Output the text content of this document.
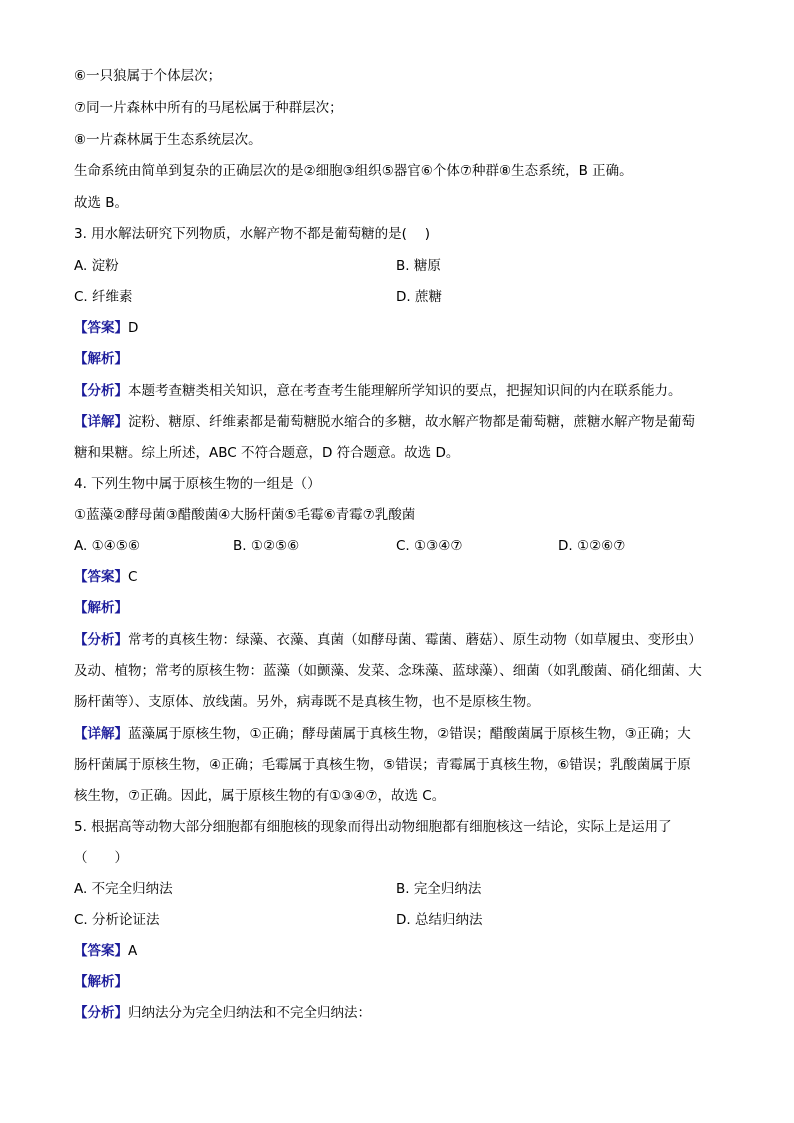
⑥一只狼属于个体层次；
⑦同一片森林中所有的马尾松属于种群层次；
⑧一片森林属于生态系统层次。
生命系统由简单到复杂的正确层次的是②细胞③组织⑤器官⑥个体⑦种群⑧生态系统，B 正确。
故选 B。
3. 用水解法研究下列物质，水解产物不都是葡萄糖的是(　 )
A. 淀粉	B. 糖原
C. 纤维素	D. 蔗糖
【答案】D
【解析】
【分析】本题考查糖类相关知识，意在考查考生能理解所学知识的要点，把握知识间的内在联系能力。
【详解】淀粉、糖原、纤维素都是葡萄糖脱水缩合的多糖，故水解产物都是葡萄糖，蔗糖水解产物是葡萄
糖和果糖。综上所述，ABC 不符合题意，D 符合题意。故选 D。
4. 下列生物中属于原核生物的一组是（）
①蓝藻②酵母菌③醋酸菌④大肠杆菌⑤毛霉⑥青霉⑦乳酸菌
A. ①④⑤⑥	B. ①②⑤⑥	C. ①③④⑦	D. ①②⑥⑦
【答案】C
【解析】
【分析】常考的真核生物：绿藻、衣藻、真菌（如酵母菌、霉菌、蘑菇）、原生动物（如草履虫、变形虫）
及动、植物；常考的原核生物：蓝藻（如颤藻、发菜、念珠藻、蓝球藻）、细菌（如乳酸菌、硝化细菌、大
肠杆菌等）、支原体、放线菌。另外，病毒既不是真核生物，也不是原核生物。
【详解】蓝藻属于原核生物，①正确；酵母菌属于真核生物，②错误；醋酸菌属于原核生物，③正确；大
肠杆菌属于原核生物，④正确；毛霉属于真核生物，⑤错误；青霉属于真核生物，⑥错误；乳酸菌属于原
核生物，⑦正确。因此，属于原核生物的有①③④⑦，故选 C。
5. 根据高等动物大部分细胞都有细胞核的现象而得出动物细胞都有细胞核这一结论，实际上是运用了
（　　）
A. 不完全归纳法	B. 完全归纳法
C. 分析论证法	D. 总结归纳法
【答案】A
【解析】
【分析】归纳法分为完全归纳法和不完全归纳法：
